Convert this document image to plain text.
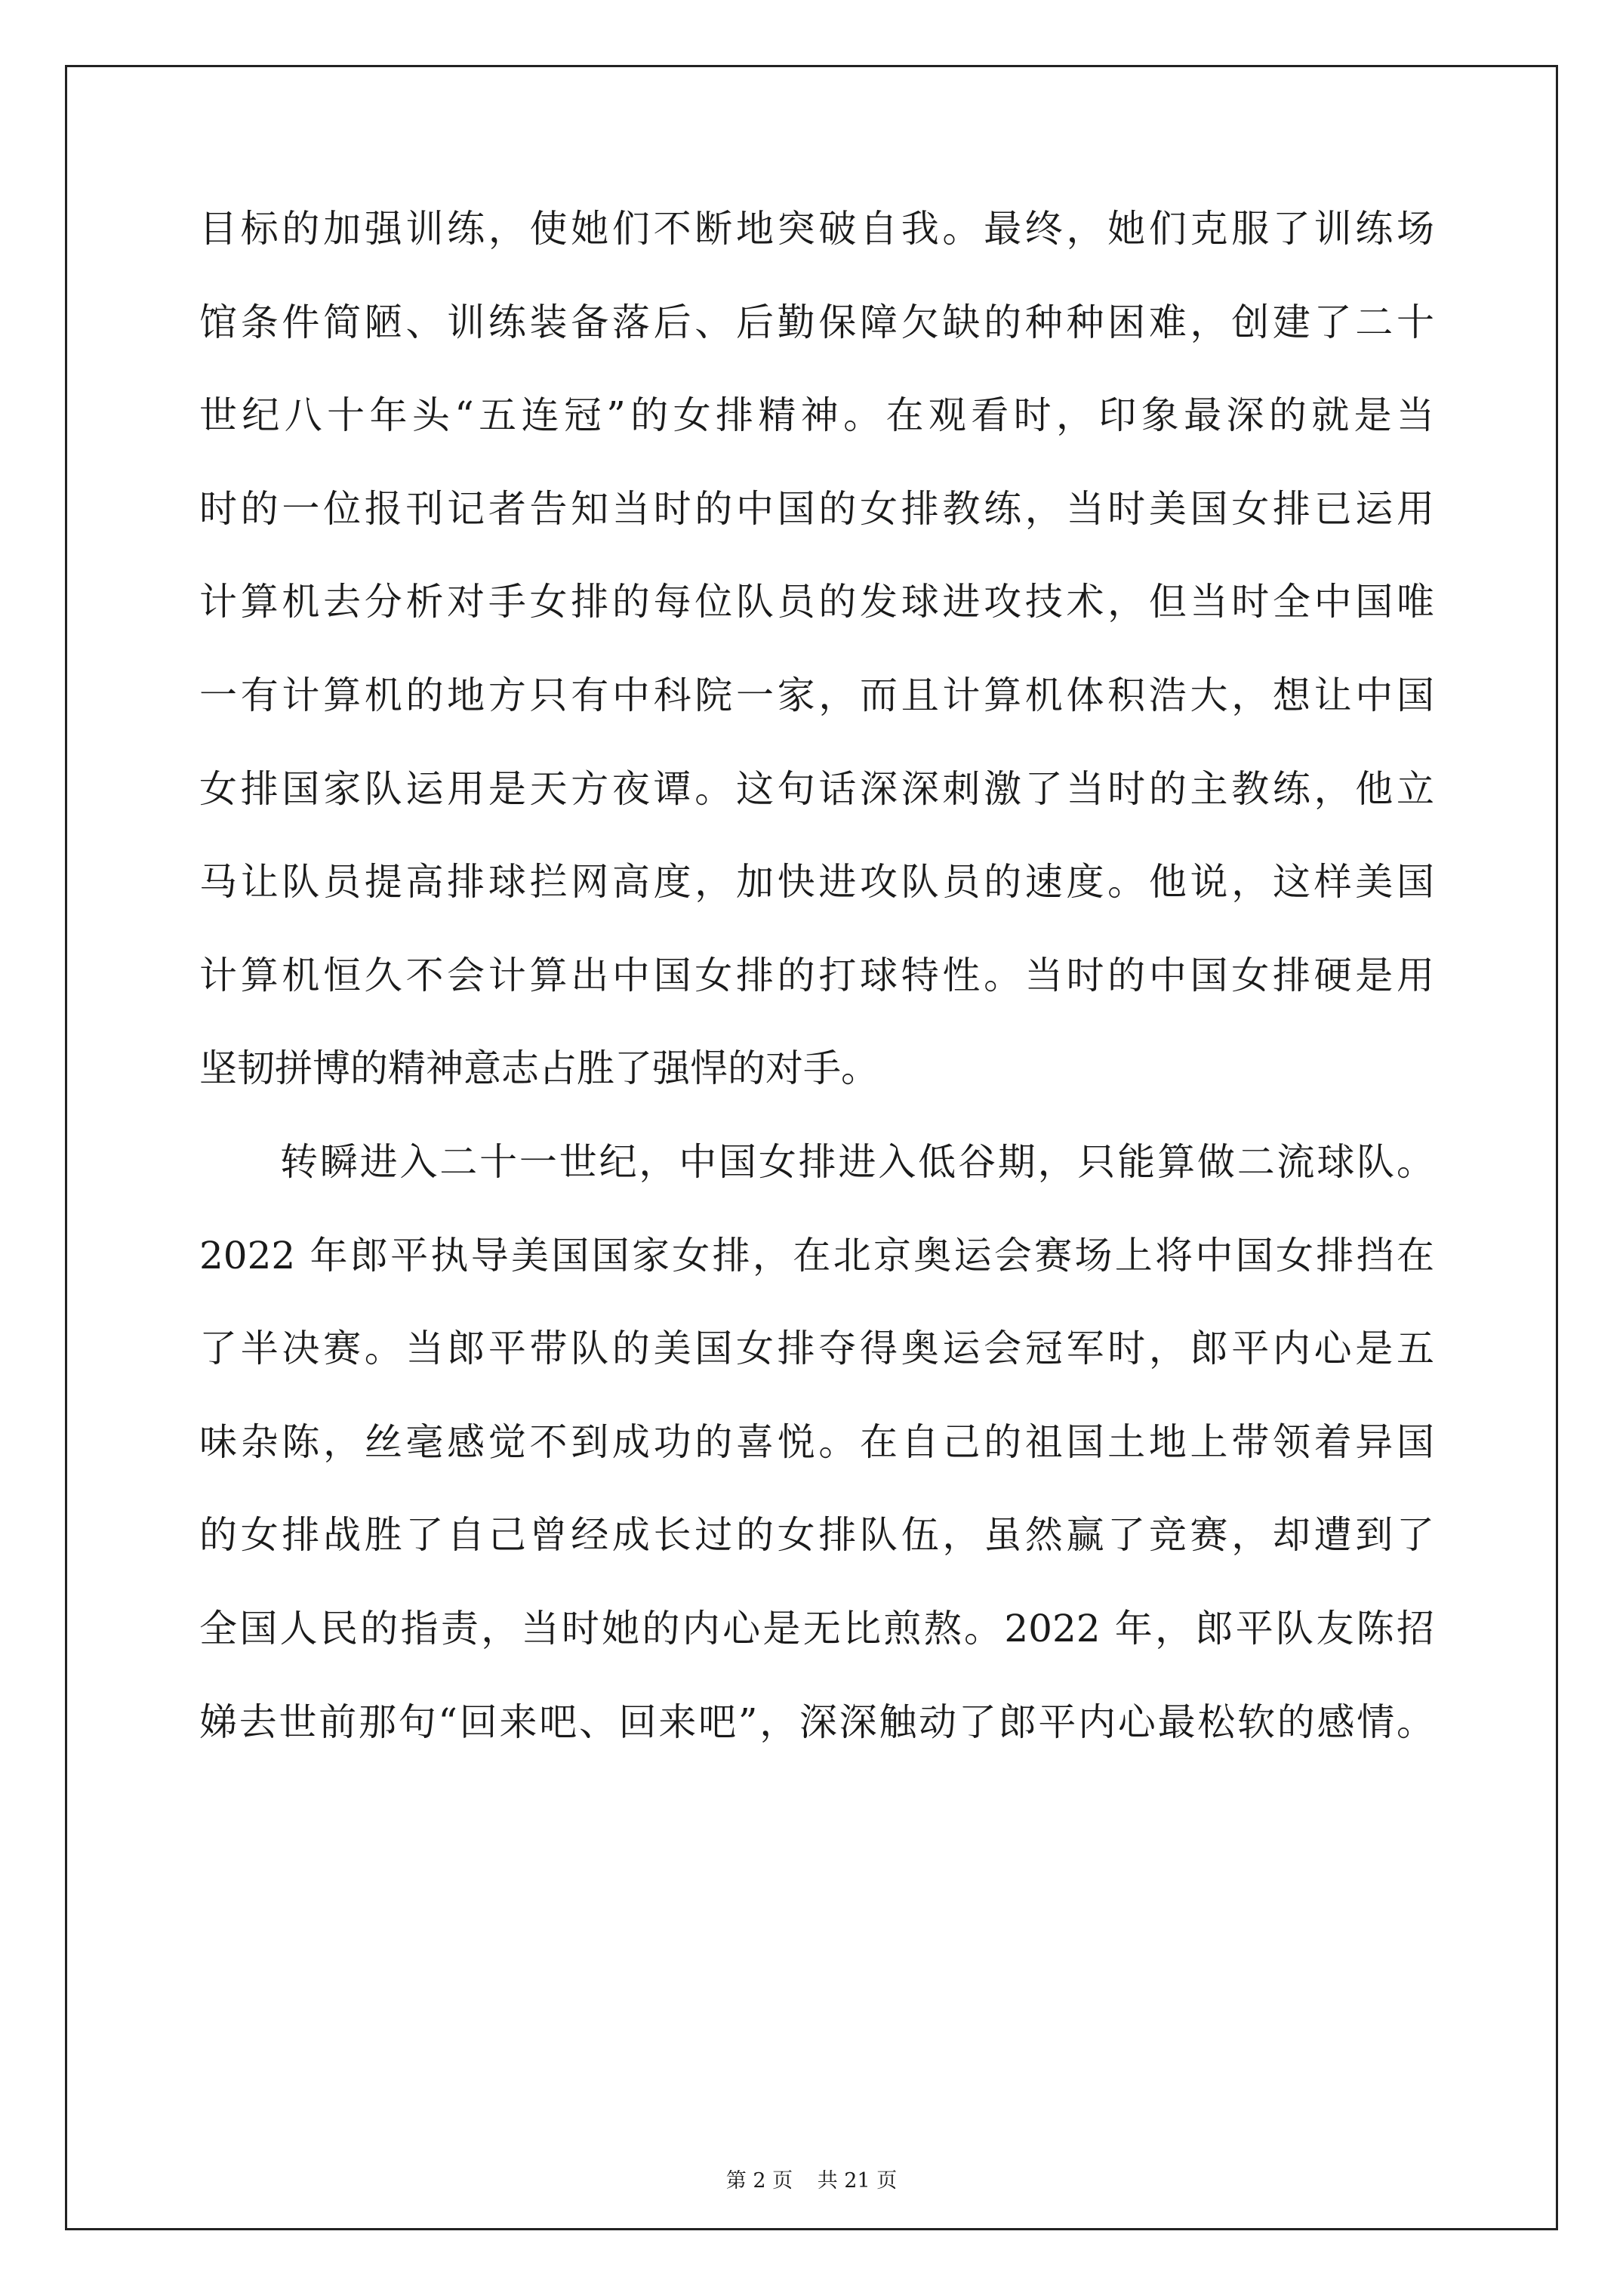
目标的加强训练，使她们不断地突破自我。最终，她们克服了训练场
馆条件简陋、训练装备落后、后勤保障欠缺的种种困难，创建了二十
世纪八十年头“五连冠”的女排精神。在观看时，印象最深的就是当
时的一位报刊记者告知当时的中国的女排教练，当时美国女排已运用
计算机去分析对手女排的每位队员的发球进攻技术，但当时全中国唯
一有计算机的地方只有中科院一家，而且计算机体积浩大，想让中国
女排国家队运用是天方夜谭。这句话深深刺激了当时的主教练，他立
马让队员提高排球拦网高度，加快进攻队员的速度。他说，这样美国
计算机恒久不会计算出中国女排的打球特性。当时的中国女排硬是用
坚韧拼博的精神意志占胜了强悍的对手。
转瞬进入二十一世纪，中国女排进入低谷期，只能算做二流球队。
2022 年郎平执导美国国家女排，在北京奥运会赛场上将中国女排挡在
了半决赛。当郎平带队的美国女排夺得奥运会冠军时，郎平内心是五
味杂陈，丝毫感觉不到成功的喜悦。在自己的祖国土地上带领着异国
的女排战胜了自己曾经成长过的女排队伍，虽然赢了竞赛，却遭到了
全国人民的指责，当时她的内心是无比煎熬。2022 年，郎平队友陈招
娣去世前那句“回来吧、回来吧”，深深触动了郎平内心最松软的感情。
第 2 页 共 21 页
